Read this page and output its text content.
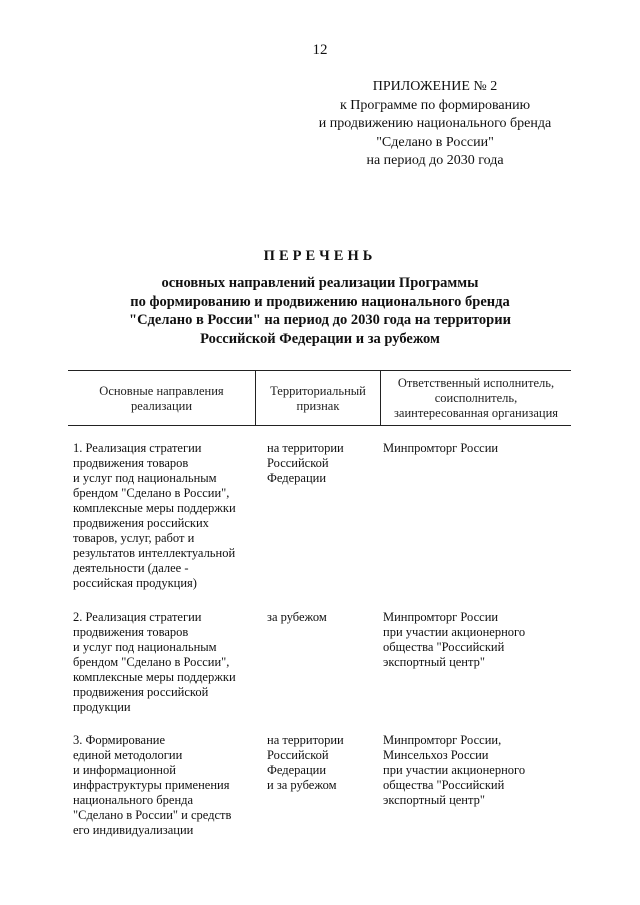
12
ПРИЛОЖЕНИЕ № 2
к Программе по формированию
и продвижению национального бренда
"Сделано в России"
на период до 2030 года
ПЕРЕЧЕНЬ
основных направлений реализации Программы
по формированию и продвижению национального бренда
"Сделано в России" на период до 2030 года на территории
Российской Федерации и за рубежом
Основные направления
реализации
Территориальный
признак
Ответственный исполнитель,
соисполнитель,
заинтересованная организация
1. Реализация стратегии
продвижения товаров
и услуг под национальным
брендом "Сделано в России",
комплексные меры поддержки
продвижения российских
товаров, услуг, работ и
результатов интеллектуальной
деятельности (далее -
российская продукция)
на территории
Российской
Федерации
Минпромторг России
2. Реализация стратегии
продвижения товаров
и услуг под национальным
брендом "Сделано в России",
комплексные меры поддержки
продвижения российской
продукции
за рубежом	Минпромторг России
при участии акционерного
общества "Российский
экспортный центр"
3. Формирование
единой методологии
и информационной
инфраструктуры применения
национального бренда
"Сделано в России" и средств
его индивидуализации
на территории
Российской
Федерации
и за рубежом
Минпромторг России,
Минсельхоз России
при участии акционерного
общества "Российский
экспортный центр"
